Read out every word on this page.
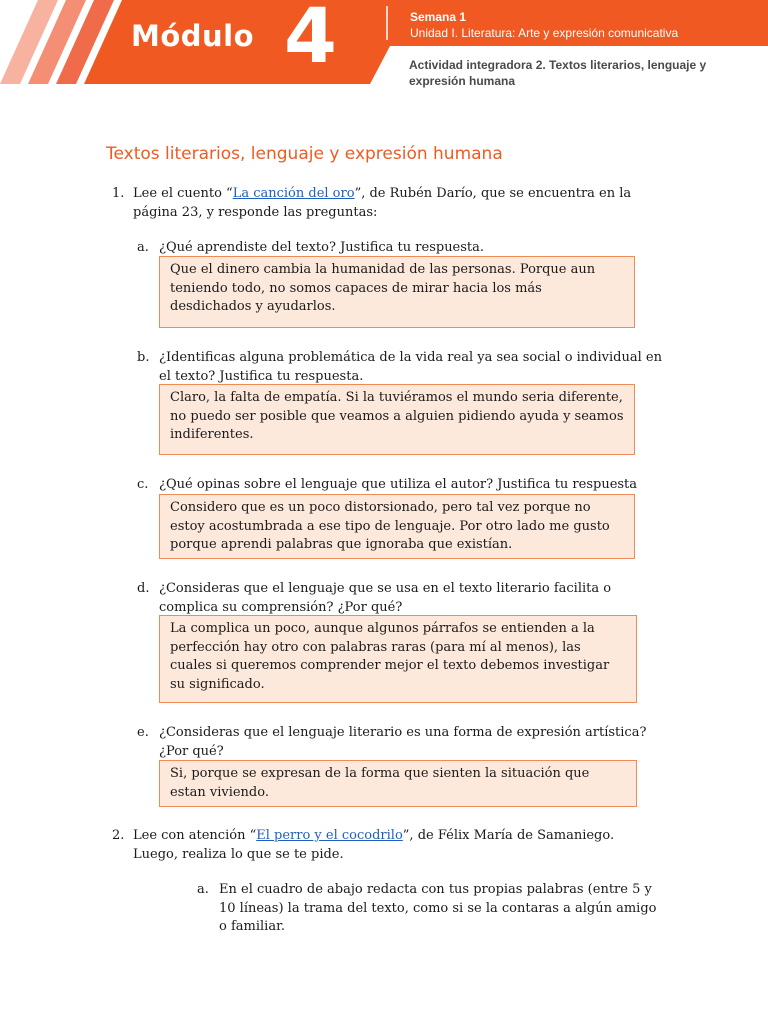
Módulo 4	Semana 1
Unidad I. Literatura: Arte y expresión comunicativa
Actividad integradora 2. Textos literarios, lenguaje y expresión humana
Textos literarios, lenguaje y expresión humana
1. Lee el cuento “La canción del oro”, de Rubén Darío, que se encuentra en la página 23, y responde las preguntas:
a. ¿Qué aprendiste del texto? Justifica tu respuesta.
Que el dinero cambia la humanidad de las personas. Porque aun teniendo todo, no somos capaces de mirar hacia los más desdichados y ayudarlos.
b. ¿Identificas alguna problemática de la vida real ya sea social o individual en el texto? Justifica tu respuesta.
Claro, la falta de empatía. Si la tuviéramos el mundo seria diferente, no puedo ser posible que veamos a alguien pidiendo ayuda y seamos indiferentes.
c. ¿Qué opinas sobre el lenguaje que utiliza el autor? Justifica tu respuesta
Considero que es un poco distorsionado, pero tal vez porque no estoy acostumbrada a ese tipo de lenguaje. Por otro lado me gusto porque aprendi palabras que ignoraba que existían.
d. ¿Consideras que el lenguaje que se usa en el texto literario facilita o complica su comprensión? ¿Por qué?
La complica un poco, aunque algunos párrafos se entienden a la perfección hay otro con palabras raras (para mí al menos), las cuales si queremos comprender mejor el texto debemos investigar su significado.
e. ¿Consideras que el lenguaje literario es una forma de expresión artística? ¿Por qué?
Si, porque se expresan de la forma que sienten la situación que estan viviendo.
2. Lee con atención “El perro y el cocodrilo”, de Félix María de Samaniego. Luego, realiza lo que se te pide.
a. En el cuadro de abajo redacta con tus propias palabras (entre 5 y 10 líneas) la trama del texto, como si se la contaras a algún amigo o familiar.
